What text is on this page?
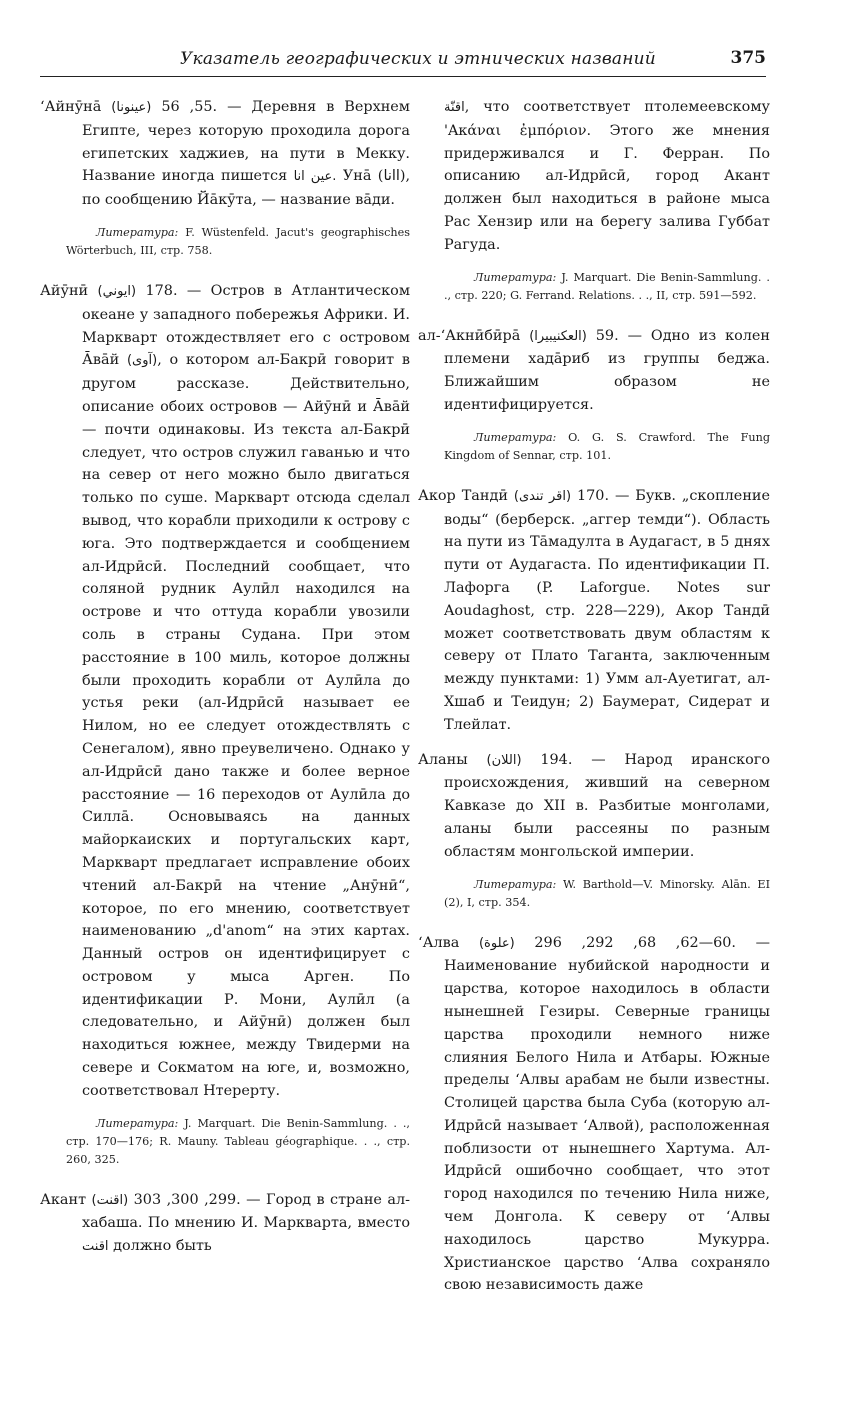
Указатель географических и этнических названий	375

ʻАйнӯна̄ (عينونا) 55, 56. — Деревня в Верхнем Египте, через которую проходила дорога египетских хаджиев, на пути в Мекку. Название иногда пишется عين انا. Уна̄ (اانا), по сообщению Йа̄кӯта, — название ва̄ди.

Литература: F. Wüstenfeld. Jacut's geographisches Wörterbuch, III, стр. 758.

Айӯнӣ (ايوني) 178. — Остров в Атлантическом океане у западного побережья Африки. И. Маркварт отождествляет его с островом А̄ва̄й (آوى), о котором ал-Бакрӣ говорит в другом рассказе. Действительно, описание обоих островов — Айӯнӣ и А̄ва̄й — почти одинаковы. Из текста ал-Бакрӣ следует, что остров служил гаванью и что на север от него можно было двигаться только по суше. Маркварт отсюда сделал вывод, что корабли приходили к острову с юга. Это подтверждается и сообщением ал-Идрӣсӣ. Последний сообщает, что соляной рудник Аулӣл находился на острове и что оттуда корабли увозили соль в страны Судана. При этом расстояние в 100 миль, которое должны были проходить корабли от Аулӣла до устья реки (ал-Идрӣсӣ называет ее Нилом, но ее следует отождествлять с Сенегалом), явно преувеличено. Однако у ал-Идрӣсӣ дано также и более верное расстояние — 16 переходов от Аулӣла до Силла̄. Основываясь на данных майоркаиских и португальских карт, Маркварт предлагает исправление обоих чтений ал-Бакрӣ на чтение „Анӯнӣ“, которое, по его мнению, соответствует наименованию „d'anom“ на этих картах. Данный остров он идентифицирует с островом у мыса Арген. По идентификации Р. Мони, Аулӣл (а следовательно, и Айӯнӣ) должен был находиться южнее, между Твидерми на севере и Сокматом на юге, и, возможно, соответствовал Нтерерту.

Литература: J. Marquart. Die Benin-Sammlung. . ., стр. 170—176; R. Mauny. Tableau géographique. . ., стр. 260, 325.

Акант (اقنت) 299, 300, 303. — Город в стране ал-хабаша. По мнению И. Маркварта, вместо اقنت должно быть

اقنّة, что соответствует птолемеевскому 'Ακάναι ἐμπόριον. Этого же мнения придерживался и Г. Ферран. По описанию ал-Идрӣсӣ, город Акант должен был находиться в районе мыса Рас Хензир или на берегу залива Губбат Рагуда.

Литература: J. Marquart. Die Benin-Sammlung. . ., стр. 220; G. Ferrand. Relations. . ., II, стр. 591—592.

ал-ʻАкнӣбӣра̄ (العكنيبيرا) 59. — Одно из колен племени хада̄риб из группы беджа. Ближайшим образом не идентифицируется.

Литература: O. G. S. Crawford. The Fung Kingdom of Sennar, стр. 101.

Акор Тандӣ (اقر تندى) 170. — Букв. „скопление воды“ (берберск. „аггер темди“). Область на пути из Та̄мадулта в Аудагаст, в 5 днях пути от Аудагаста. По идентификации П. Лафорга (P. Laforgue. Notes sur Aoudaghost, стр. 228—229), Акор Тандӣ может соответствовать двум областям к северу от Плато Таганта, заключенным между пунктами: 1) Умм ал-Ауетигат, ал-Хшаб и Теидун; 2) Баумерат, Сидерат и Тлейлат.

Аланы (اللان) 194. — Народ иранского происхождения, живший на северном Кавказе до XII в. Разбитые монголами, аланы были рассеяны по разным областям монгольской империи.

Литература: W. Barthold—V. Minorsky. Alān. EI (2), I, стр. 354.

ʻАлва (علوة) 60—62, 68, 292, 296. — Наименование нубийской народности и царства, которое находилось в области нынешней Гезиры. Северные границы царства проходили немного ниже слияния Белого Нила и Атбары. Южные пределы ʻАлвы арабам не были известны. Столицей царства была Суба (которую ал-Идрӣсӣ называет ʻАлвой), расположенная поблизости от нынешнего Хартума. Ал-Идрӣсӣ ошибочно сообщает, что этот город находился по течению Нила ниже, чем Донгола. К северу от ʻАлвы находилось царство Мукурра. Христианское царство ʻАлва сохраняло свою независимость даже
